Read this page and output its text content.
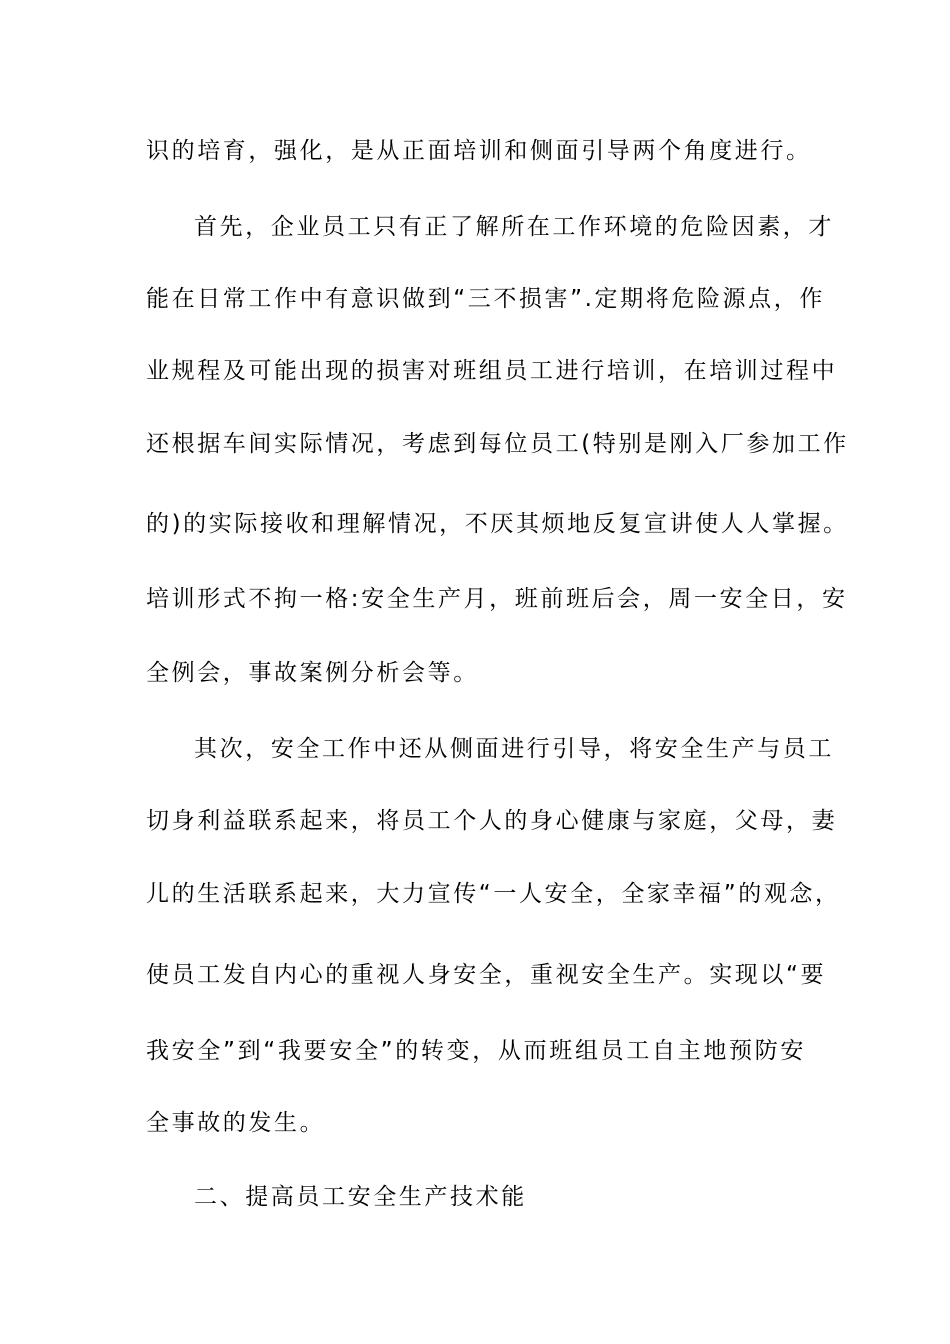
识的培育，强化，是从正面培训和侧面引导两个角度进行。
首先，企业员工只有正了解所在工作环境的危险因素，才
能在日常工作中有意识做到“三不损害”.定期将危险源点，作
业规程及可能出现的损害对班组员工进行培训，在培训过程中
还根据车间实际情况，考虑到每位员工(特别是刚入厂参加工作
的)的实际接收和理解情况，不厌其烦地反复宣讲使人人掌握。
培训形式不拘一格:安全生产月，班前班后会，周一安全日，安
全例会，事故案例分析会等。
其次，安全工作中还从侧面进行引导，将安全生产与员工
切身利益联系起来，将员工个人的身心健康与家庭，父母，妻
儿的生活联系起来，大力宣传“一人安全，全家幸福”的观念，
使员工发自内心的重视人身安全，重视安全生产。实现以“要
我安全”到“我要安全”的转变，从而班组员工自主地预防安
全事故的发生。
二、提高员工安全生产技术能
